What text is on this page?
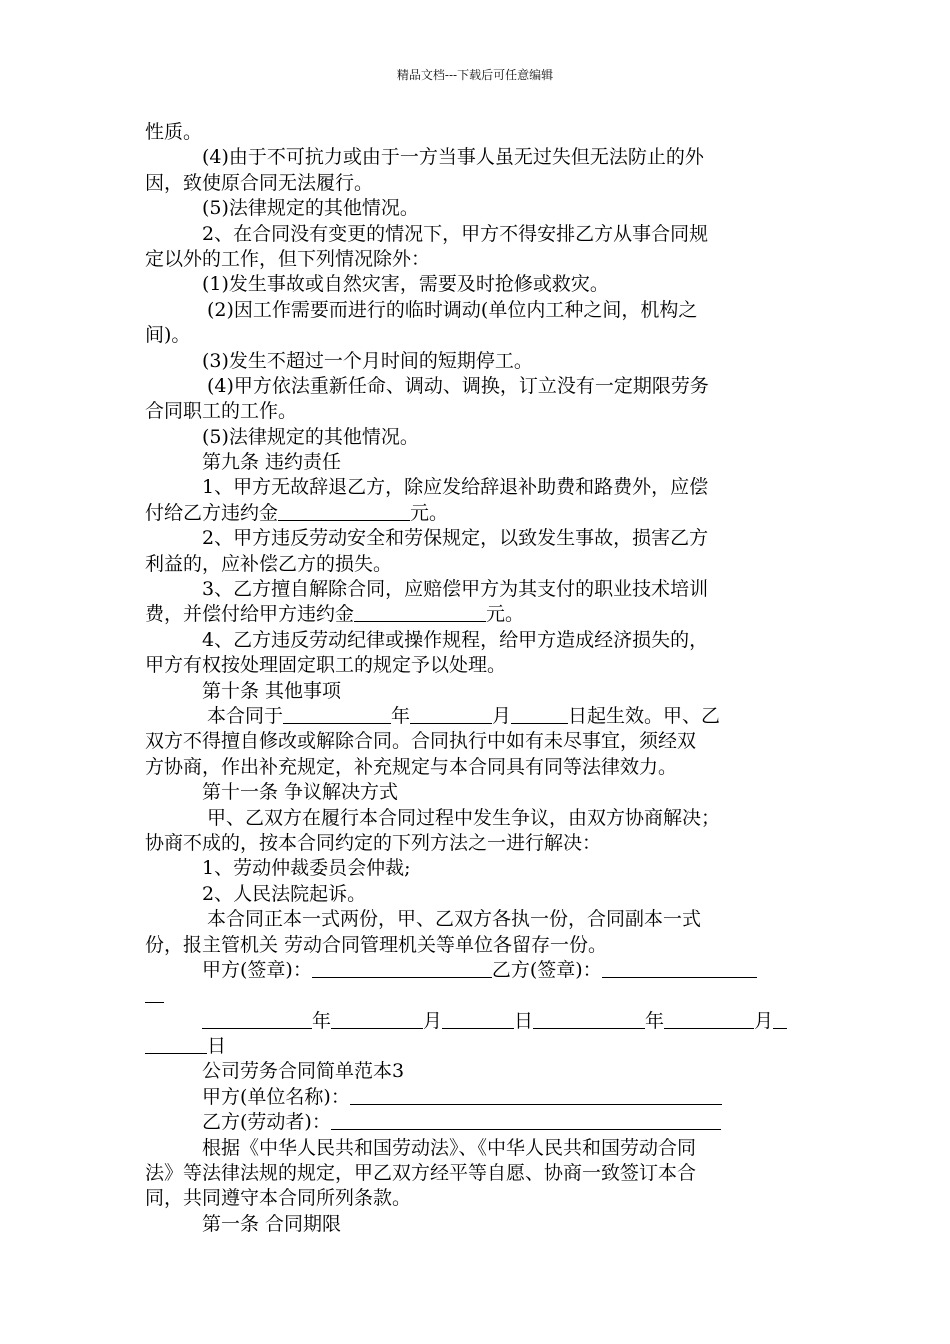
精品文档---下载后可任意编辑
性质。
(4)由于不可抗力或由于一方当事人虽无过失但无法防止的外
因，致使原合同无法履行。
(5)法律规定的其他情况。
2、在合同没有变更的情况下，甲方不得安排乙方从事合同规
定以外的工作，但下列情况除外：
(1)发生事故或自然灾害，需要及时抢修或救灾。
(2)因工作需要而进行的临时调动(单位内工种之间，机构之
间)。
(3)发生不超过一个月时间的短期停工。
(4)甲方依法重新任命、调动、调换，订立没有一定期限劳务
合同职工的工作。
(5)法律规定的其他情况。
第九条 违约责任
1、甲方无故辞退乙方，除应发给辞退补助费和路费外，应偿
付给乙方违约金	元。
2、甲方违反劳动安全和劳保规定，以致发生事故，损害乙方
利益的，应补偿乙方的损失。
3、乙方擅自解除合同，应赔偿甲方为其支付的职业技术培训
费，并偿付给甲方违约金	元。
4、乙方违反劳动纪律或操作规程，给甲方造成经济损失的，
甲方有权按处理固定职工的规定予以处理。
第十条 其他事项
本合同于	年	月	日起生效。甲、乙
双方不得擅自修改或解除合同。合同执行中如有未尽事宜，须经双
方协商，作出补充规定，补充规定与本合同具有同等法律效力。
第十一条 争议解决方式
甲、乙双方在履行本合同过程中发生争议，由双方协商解决；
协商不成的，按本合同约定的下列方法之一进行解决：
1、劳动仲裁委员会仲裁;
2、人民法院起诉。
本合同正本一式两份，甲、乙双方各执一份，合同副本一式
份，报主管机关 劳动合同管理机关等单位各留存一份。
甲方(签章)：	乙方(签章)：
年	月	日	年	月
日
公司劳务合同简单范本3
甲方(单位名称)：
乙方(劳动者)：
根据《中华人民共和国劳动法》、《中华人民共和国劳动合同
法》等法律法规的规定，甲乙双方经平等自愿、协商一致签订本合
同，共同遵守本合同所列条款。
第一条 合同期限
